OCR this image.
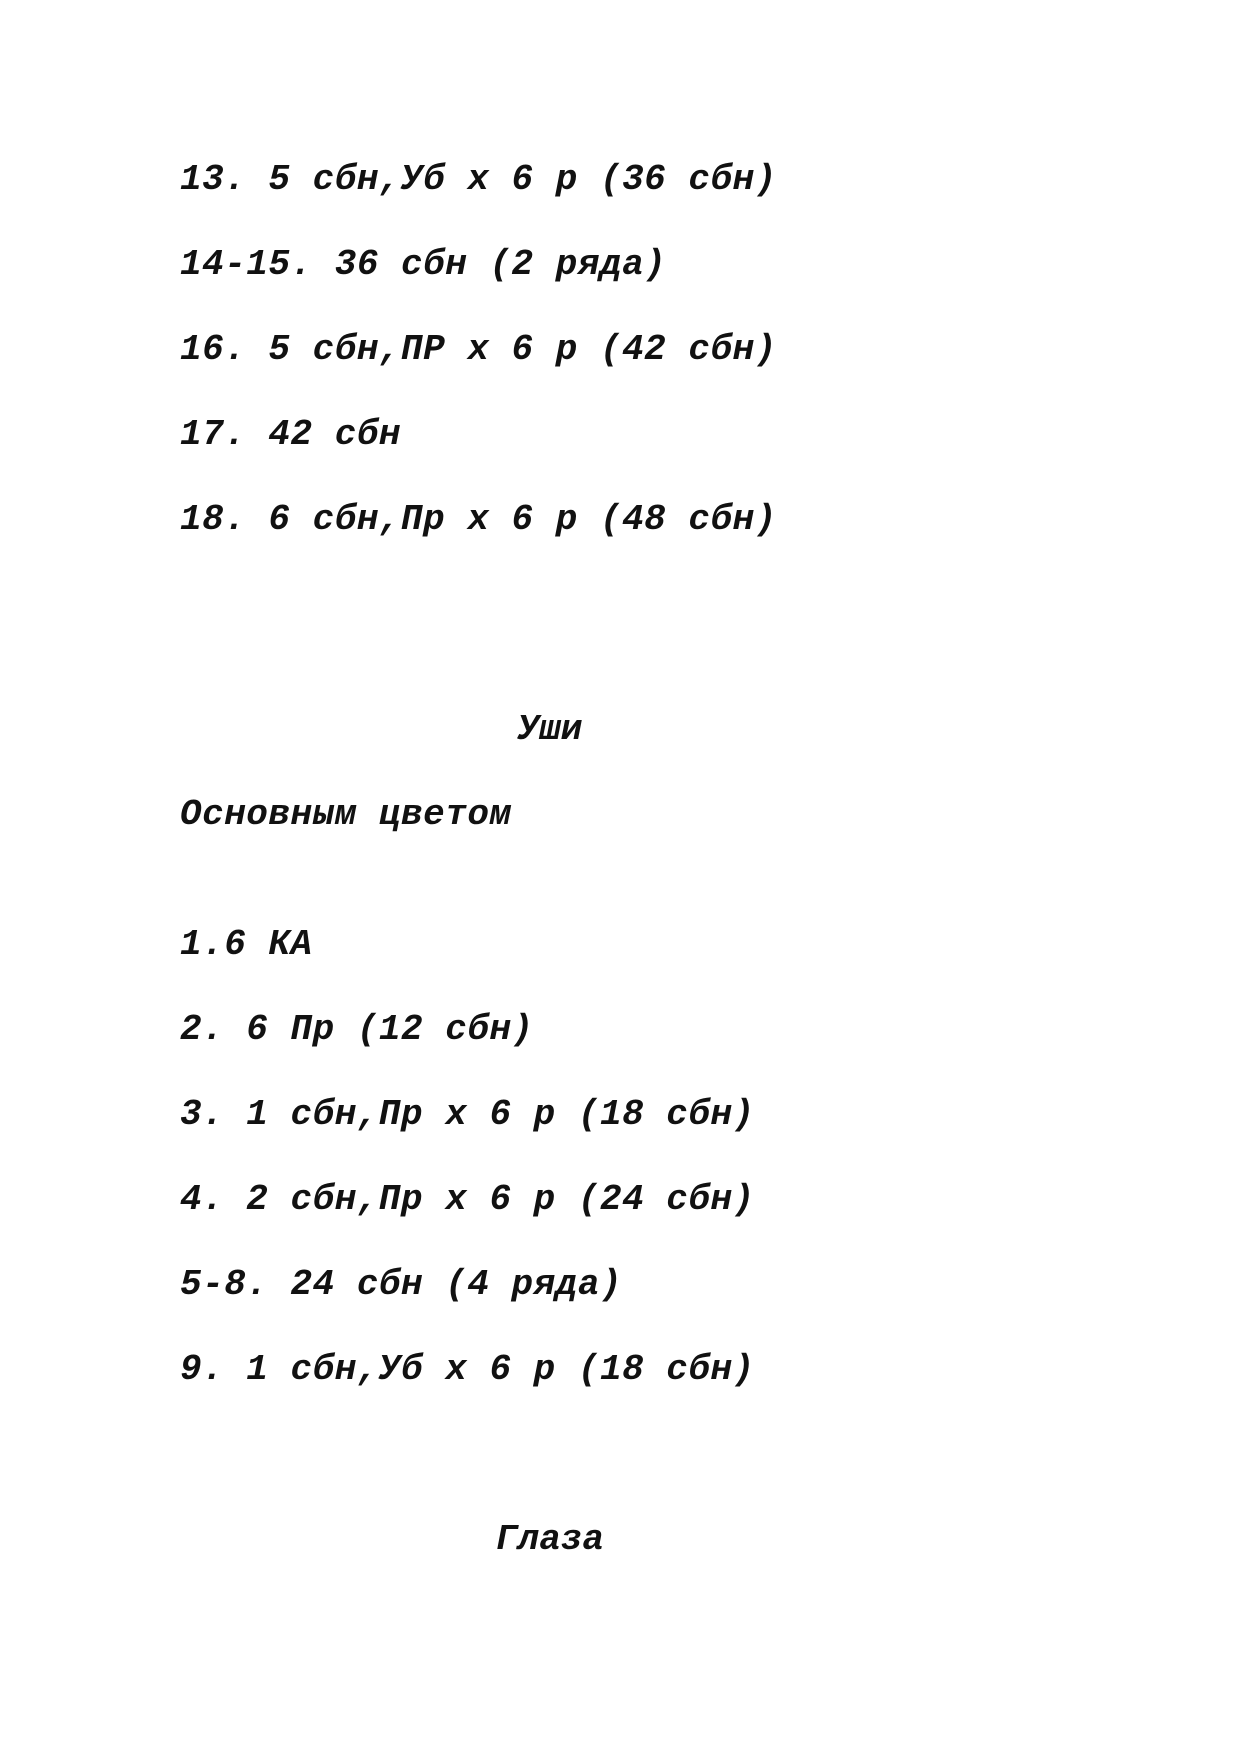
13. 5 сбн,Уб х 6 р (36 сбн)
14-15. 36 сбн (2 ряда)
16. 5 сбн,ПР х 6 р (42 сбн)
17. 42 сбн
18. 6 сбн,Пр х 6 р (48 сбн)
Уши
Основным цветом
1.6 КА
2. 6 Пр (12 сбн)
3. 1 сбн,Пр х 6 р (18 сбн)
4. 2 сбн,Пр х 6 р (24 сбн)
5-8. 24 сбн (4 ряда)
9. 1 сбн,Уб х 6 р (18 сбн)
Глаза
